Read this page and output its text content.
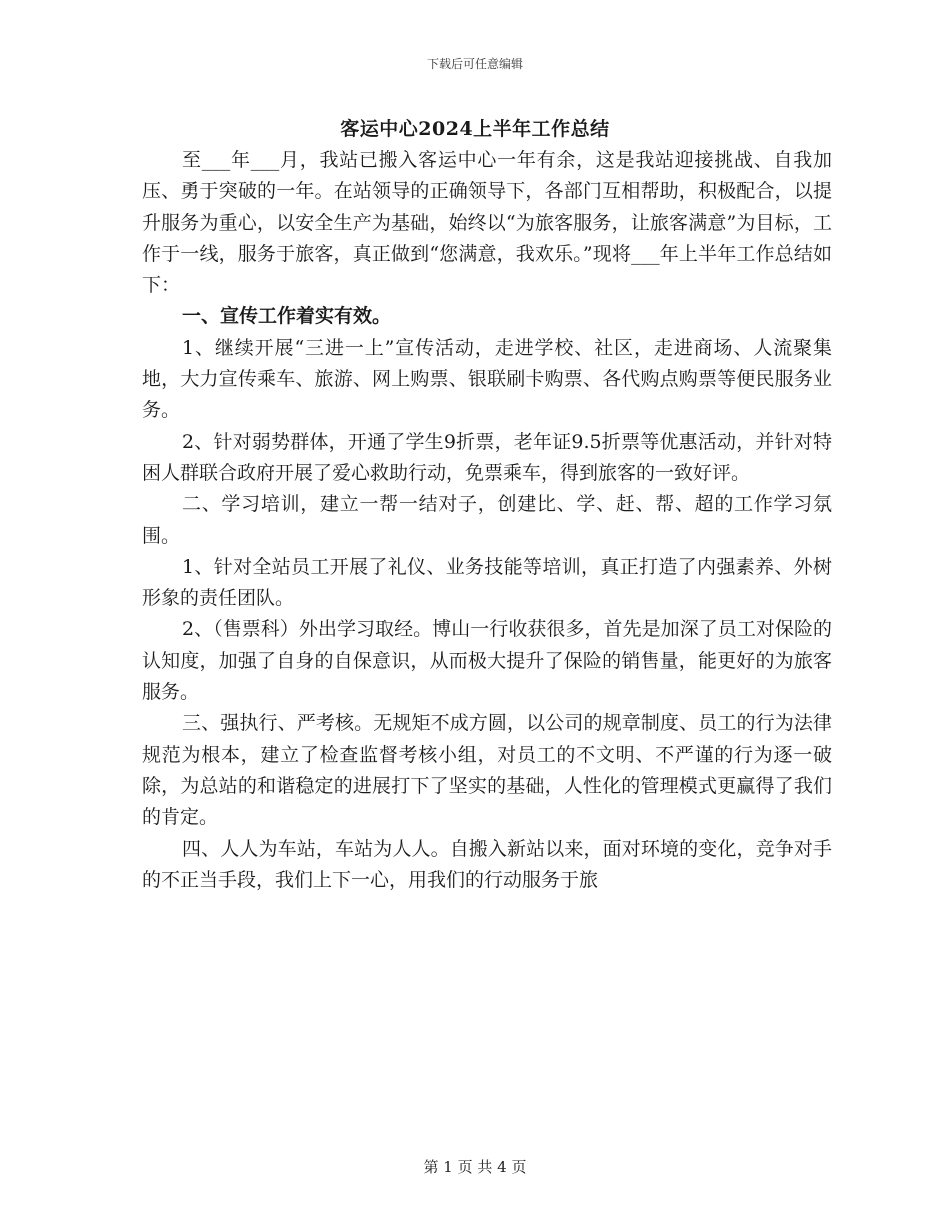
下载后可任意编辑
客运中心2024上半年工作总结

至___年___月，我站已搬入客运中心一年有余，这是我站迎接挑战、自我加压、勇于突破的一年。在站领导的正确领导下，各部门互相帮助，积极配合，以提升服务为重心，以安全生产为基础，始终以“为旅客服务，让旅客满意”为目标，工作于一线，服务于旅客，真正做到“您满意，我欢乐。”现将___年上半年工作总结如下：

一、宣传工作着实有效。

1、继续开展“三进一上”宣传活动，走进学校、社区，走进商场、人流聚集地，大力宣传乘车、旅游、网上购票、银联刷卡购票、各代购点购票等便民服务业务。

2、针对弱势群体，开通了学生9折票，老年证9.5折票等优惠活动，并针对特困人群联合政府开展了爱心救助行动，免票乘车，得到旅客的一致好评。

二、学习培训，建立一帮一结对子，创建比、学、赶、帮、超的工作学习氛围。

1、针对全站员工开展了礼仪、业务技能等培训，真正打造了内强素养、外树形象的责任团队。

2、（售票科）外出学习取经。博山一行收获很多，首先是加深了员工对保险的认知度，加强了自身的自保意识，从而极大提升了保险的销售量，能更好的为旅客服务。

三、强执行、严考核。无规矩不成方圆，以公司的规章制度、员工的行为法律规范为根本，建立了检查监督考核小组，对员工的不文明、不严谨的行为逐一破除，为总站的和谐稳定的进展打下了坚实的基础，人性化的管理模式更赢得了我们的肯定。

四、人人为车站，车站为人人。自搬入新站以来，面对环境的变化，竞争对手的不正当手段，我们上下一心，用我们的行动服务于旅

第 1 页 共 4 页
